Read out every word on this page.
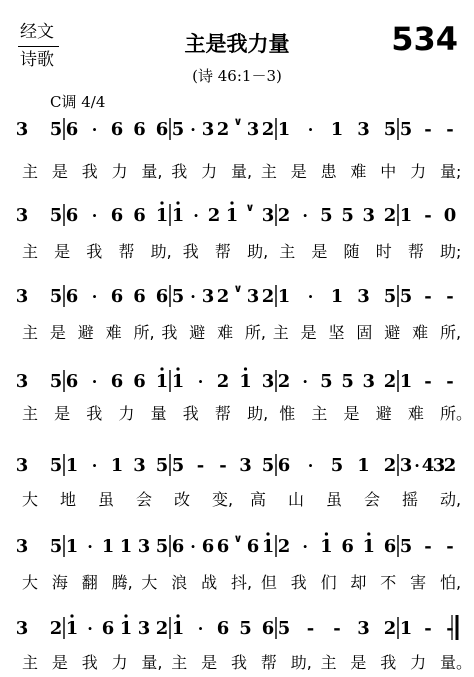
经文
诗歌
主是我力量	534
(诗 46:1－3)
C调 4/4
3 5 6 · 6 6 6 5 · 3 2 ∨ 3 2 1 · 1 3 5 5 - -
主 是 我 力 量, 我 力 量, 主 是 患 难 中 力 量;
3 5 6 · 6 6 1 1 · 2 1 ∨ 3 2 · 5 5 3 2 1 - 0
主 是 我 帮 助, 我 帮 助, 主 是 随 时 帮 助;
3 5 6 · 6 6 6 5 · 3 2 ∨ 3 2 1 · 1 3 5 5 - -
主 是 避 难 所, 我 避 难 所, 主 是 坚 固 避 难 所,
3 5 6 · 6 6 1 1 · 2 1 3 2 · 5 5 3 2 1 - -
主 是 我 力 量 我 帮 助, 惟 主 是 避 难 所。
3 5 1 · 1 3 5 5 - - 3 5 6 · 5 1 2 3 · 4
3
2
大 地 虽 会 改 变, 高 山 虽 会 摇 动,
3 5 1 · 1 1 3 5 6 · 6 6 ∨ 6 1 2 · 1 6 1 6 5 - -
大 海 翻 腾, 大 浪 战 抖, 但 我 们 却 不 害 怕,
3 2 1 · 6 1 3 2 1 · 6 5 6 5 - - 3 2 1 - -
主 是 我 力 量, 主 是 我 帮 助, 主 是 我 力 量。
